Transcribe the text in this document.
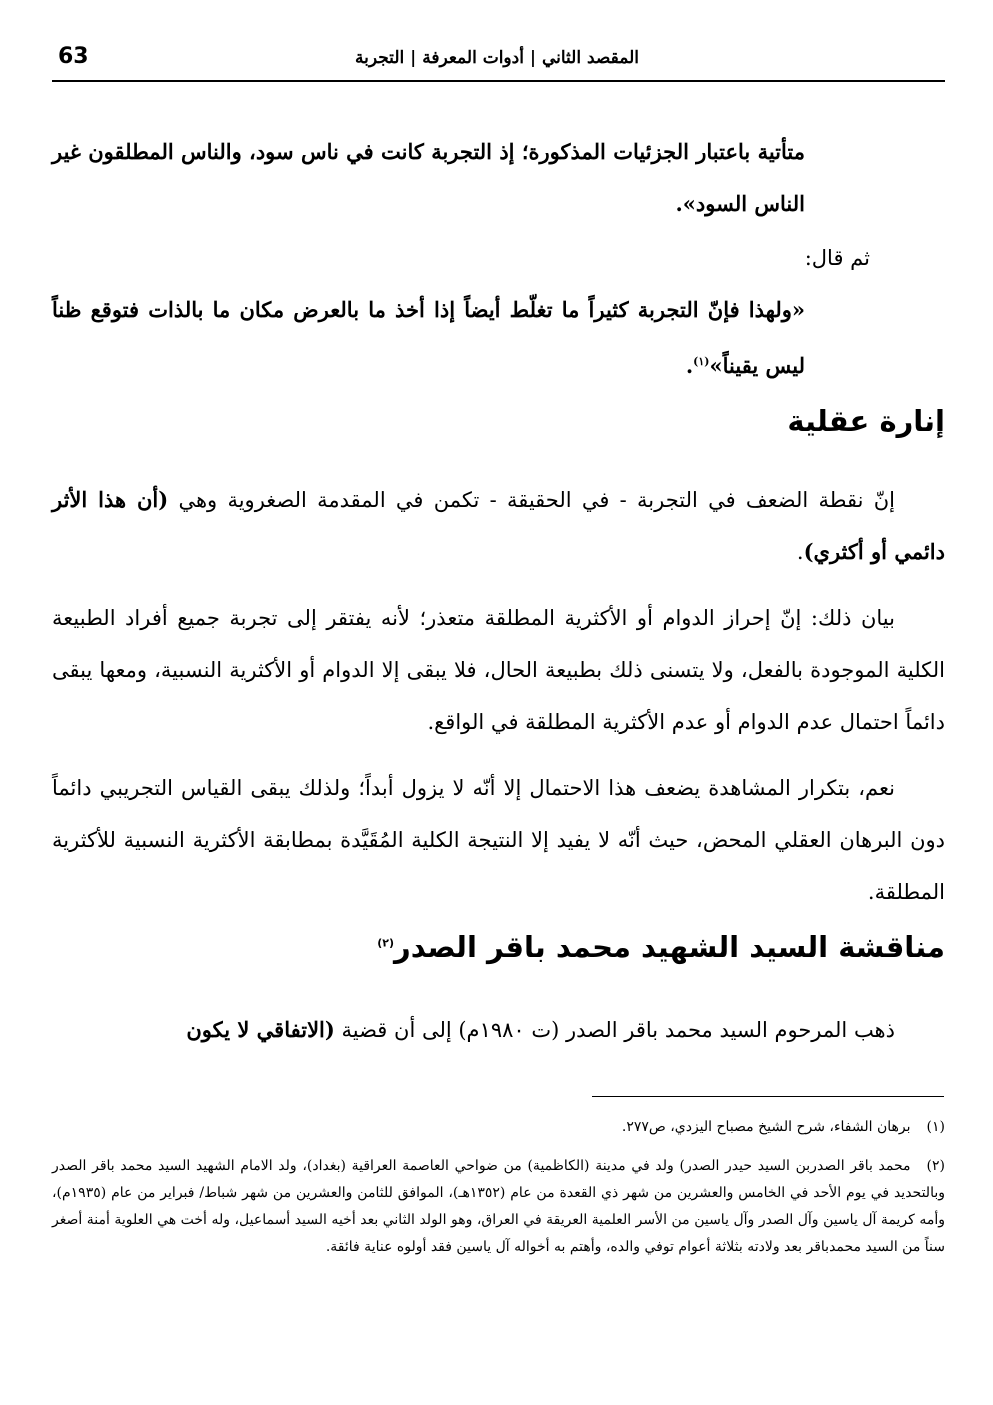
63	المقصد الثاني | أدوات المعرفة | التجربة
متأتية باعتبار الجزئيات المذكورة؛ إذ التجربة كانت في ناس سود، والناس المطلقون غير الناس السود».
ثم قال:
«ولهذا فإنّ التجربة كثيراً ما تغلّط أيضاً إذا أخذ ما بالعرض مكان ما بالذات فتوقع ظناً ليس يقيناً»$^{(١)}$.
إنارة عقلية
إنّ نقطة الضعف في التجربة - في الحقيقة - تكمن في المقدمة الصغروية وهي (أن هذا الأثر دائمي أو أكثري).
بيان ذلك: إنّ إحراز الدوام أو الأكثرية المطلقة متعذر؛ لأنه يفتقر إلى تجربة جميع أفراد الطبيعة الكلية الموجودة بالفعل، ولا يتسنى ذلك بطبيعة الحال، فلا يبقى إلا الدوام أو الأكثرية النسبية، ومعها يبقى دائماً احتمال عدم الدوام أو عدم الأكثرية المطلقة في الواقع.
نعم، بتكرار المشاهدة يضعف هذا الاحتمال إلا أنّه لا يزول أبداً؛ ولذلك يبقى القياس التجريبي دائماً دون البرهان العقلي المحض، حيث أنّه لا يفيد إلا النتيجة الكلية المُقَيَّدة بمطابقة الأكثرية النسبية للأكثرية المطلقة.
مناقشة السيد الشهيد محمد باقر الصدر$^{(٢)}$
ذهب المرحوم السيد محمد باقر الصدر (ت ١٩٨٠م) إلى أن قضية (الاتفاقي لا يكون

(١)برهان الشفاء، شرح الشيخ مصباح اليزدي، ص٢٧٧.

(٢)محمد باقر الصدربن السيد حيدر الصدر) ولد في مدينة (الكاظمية) من ضواحي العاصمة العراقية (بغداد)، ولد الامام الشهيد السيد محمد باقر الصدر وبالتحديد في يوم الأحد في الخامس والعشرين من شهر ذي القعدة من عام (١٣٥٢هـ)، الموافق للثامن والعشرين من شهر شباط/ فبراير من عام (١٩٣٥م)، وأمه كريمة آل ياسين وآل الصدر وآل ياسين من الأسر العلمية العريقة في العراق، وهو الولد الثاني بعد أخيه السيد أسماعيل، وله أخت هي العلوية أمنة أصغر سناً من السيد محمدباقر بعد ولادته بثلاثة أعوام توفي والده، وأهتم به أخواله آل ياسين فقد أولوه عناية فائقة.
